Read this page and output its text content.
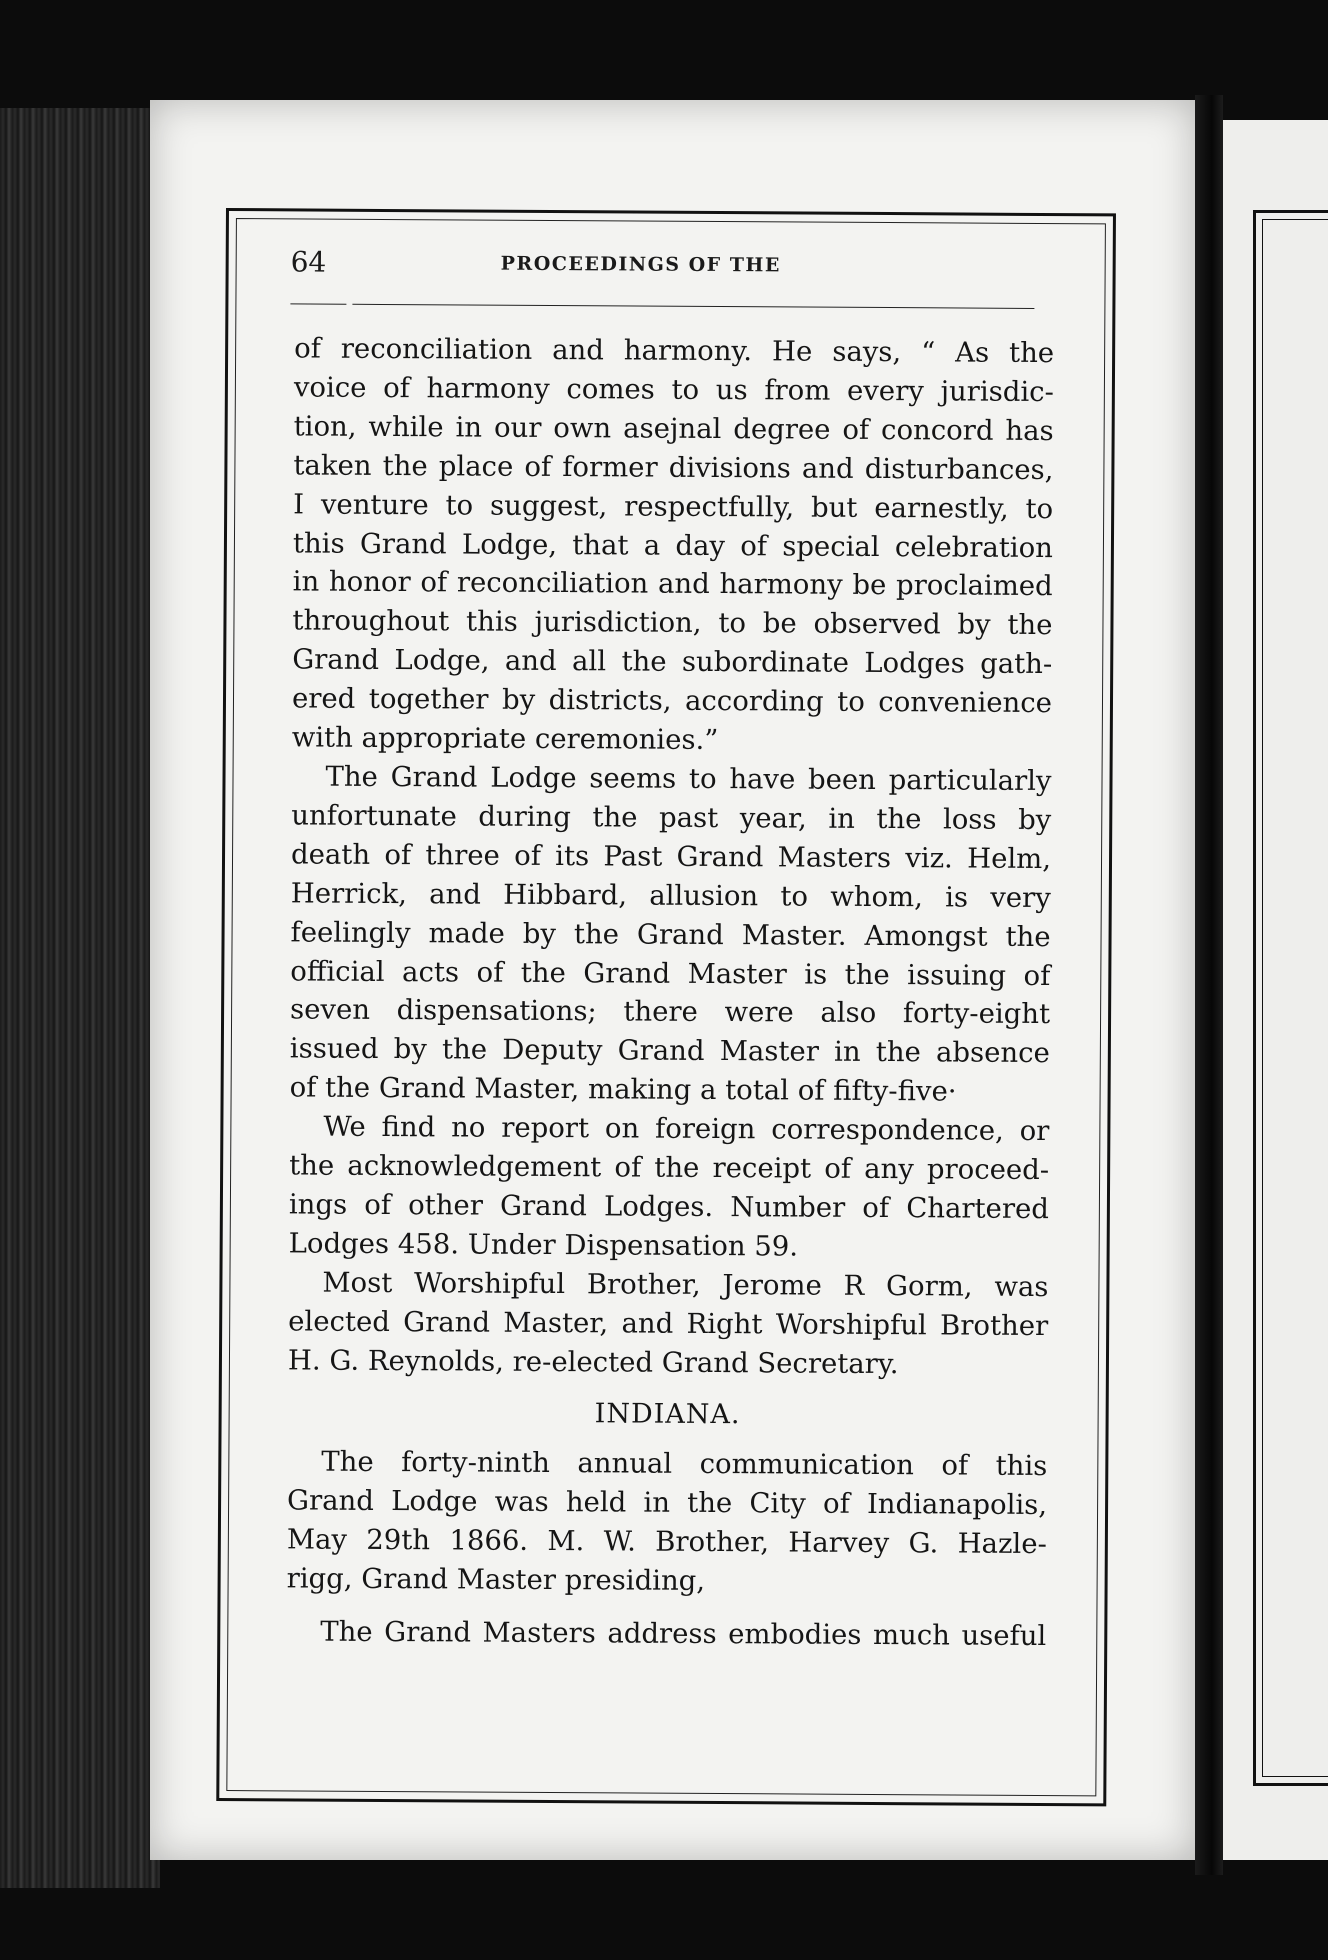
64	PROCEEDINGS OF THE
of reconciliation and harmony. He says, “ As the
voice of harmony comes to us from every jurisdic-
tion, while in our own asejnal degree of concord has
taken the place of former divisions and disturbances,
I venture to suggest, respectfully, but earnestly, to
this Grand Lodge, that a day of special celebration
in honor of reconciliation and harmony be proclaimed
throughout this jurisdiction, to be observed by the
Grand Lodge, and all the subordinate Lodges gath-
ered together by districts, according to convenience
with appropriate ceremonies.”
The Grand Lodge seems to have been particularly
unfortunate during the past year, in the loss by
death of three of its Past Grand Masters viz. Helm,
Herrick, and Hibbard, allusion to whom, is very
feelingly made by the Grand Master. Amongst the
official acts of the Grand Master is the issuing of
seven dispensations; there were also forty-eight
issued by the Deputy Grand Master in the absence
of the Grand Master, making a total of fifty-five·
We find no report on foreign correspondence, or
the acknowledgement of the receipt of any proceed-
ings of other Grand Lodges. Number of Chartered
Lodges 458. Under Dispensation 59.
Most Worshipful Brother, Jerome R Gorm, was
elected Grand Master, and Right Worshipful Brother
H. G. Reynolds, re-elected Grand Secretary.
INDIANA.
The forty-ninth annual communication of this
Grand Lodge was held in the City of Indianapolis,
May 29th 1866. M. W. Brother, Harvey G. Hazle-
rigg, Grand Master presiding,
The Grand Masters address embodies much useful
